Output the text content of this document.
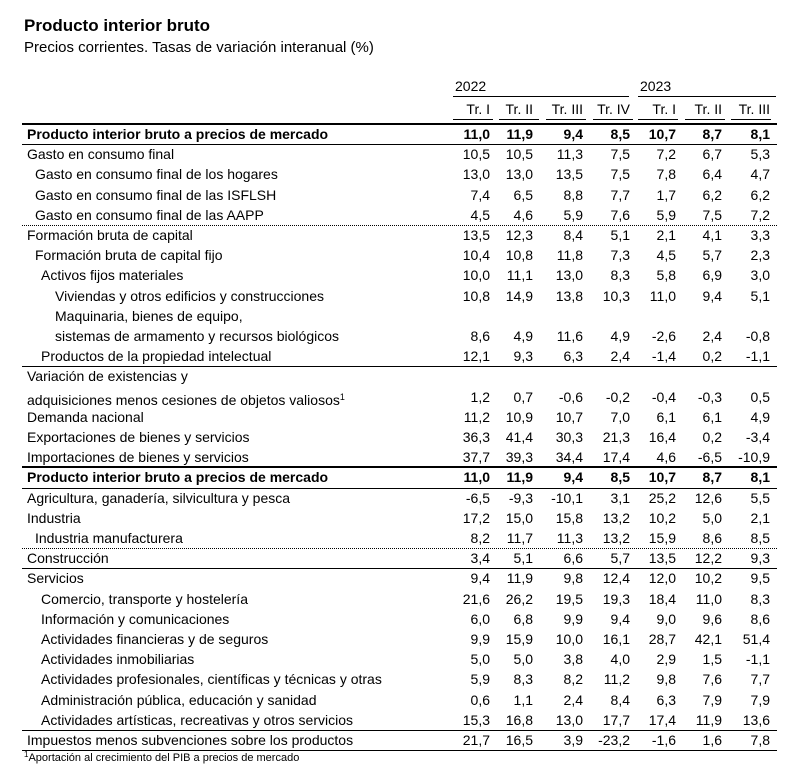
Producto interior bruto
Precios corrientes. Tasas de variación interanual (%)
2022	2023
Tr. I	Tr. II	Tr. III	Tr. IV	Tr. I	Tr. II	Tr. III
Producto interior bruto a precios de mercado	11,0	11,9	9,4	8,5	10,7	8,7	8,1
Gasto en consumo final	10,5	10,5	11,3	7,5	7,2	6,7	5,3
Gasto en consumo final de los hogares	13,0	13,0	13,5	7,5	7,8	6,4	4,7
Gasto en consumo final de las ISFLSH	7,4	6,5	8,8	7,7	1,7	6,2	6,2
Gasto en consumo final de las AAPP	4,5	4,6	5,9	7,6	5,9	7,5	7,2
Formación bruta de capital	13,5	12,3	8,4	5,1	2,1	4,1	3,3
Formación bruta de capital fijo	10,4	10,8	11,8	7,3	4,5	5,7	2,3
Activos fijos materiales	10,0	11,1	13,0	8,3	5,8	6,9	3,0
Viviendas y otros edificios y construcciones	10,8	14,9	13,8	10,3	11,0	9,4	5,1
Maquinaria, bienes de equipo,
sistemas de armamento y recursos biológicos	8,6	4,9	11,6	4,9	-2,6	2,4	-0,8
Productos de la propiedad intelectual	12,1	9,3	6,3	2,4	-1,4	0,2	-1,1
Variación de existencias y
adquisiciones menos cesiones de objetos valiosos$^1$	1,2	0,7	-0,6	-0,2	-0,4	-0,3	0,5
Demanda nacional	11,2	10,9	10,7	7,0	6,1	6,1	4,9
Exportaciones de bienes y servicios	36,3	41,4	30,3	21,3	16,4	0,2	-3,4
Importaciones de bienes y servicios	37,7	39,3	34,4	17,4	4,6	-6,5	-10,9
Producto interior bruto a precios de mercado	11,0	11,9	9,4	8,5	10,7	8,7	8,1
Agricultura, ganadería, silvicultura y pesca	-6,5	-9,3	-10,1	3,1	25,2	12,6	5,5
Industria	17,2	15,0	15,8	13,2	10,2	5,0	2,1
Industria manufacturera	8,2	11,7	11,3	13,2	15,9	8,6	8,5
Construcción	3,4	5,1	6,6	5,7	13,5	12,2	9,3
Servicios	9,4	11,9	9,8	12,4	12,0	10,2	9,5
Comercio, transporte y hostelería	21,6	26,2	19,5	19,3	18,4	11,0	8,3
Información y comunicaciones	6,0	6,8	9,9	9,4	9,0	9,6	8,6
Actividades financieras y de seguros	9,9	15,9	10,0	16,1	28,7	42,1	51,4
Actividades inmobiliarias	5,0	5,0	3,8	4,0	2,9	1,5	-1,1
Actividades profesionales, científicas y técnicas y otras	5,9	8,3	8,2	11,2	9,8	7,6	7,7
Administración pública, educación y sanidad	0,6	1,1	2,4	8,4	6,3	7,9	7,9
Actividades artísticas, recreativas y otros servicios	15,3	16,8	13,0	17,7	17,4	11,9	13,6
Impuestos menos subvenciones sobre los productos	21,7	16,5	3,9	-23,2	-1,6	1,6	7,8
$^1$Aportación al crecimiento del PIB a precios de mercado
